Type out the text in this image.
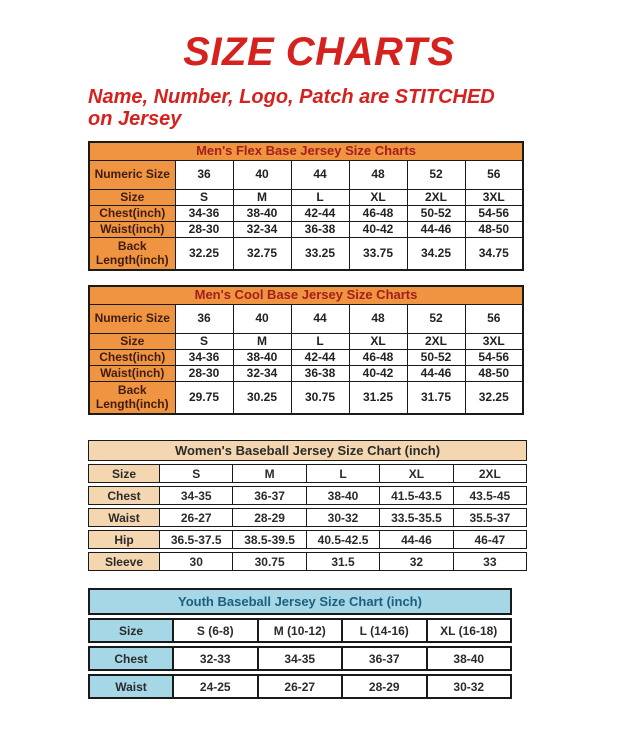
SIZE CHARTS
Name, Number, Logo, Patch are STITCHED
on Jersey
Men's Flex Base Jersey Size Charts						
Numeric Size	36	40	44	48	52	56
Size	S	M	L	XL	2XL	3XL
Chest(inch)	34-36	38-40	42-44	46-48	50-52	54-56
Waist(inch)	28-30	32-34	36-38	40-42	44-46	48-50
Back Length(inch)	32.25	32.75	33.25	33.75	34.25	34.75
Men's Cool Base Jersey Size Charts						
Numeric Size	36	40	44	48	52	56
Size	S	M	L	XL	2XL	3XL
Chest(inch)	34-36	38-40	42-44	46-48	50-52	54-56
Waist(inch)	28-30	32-34	36-38	40-42	44-46	48-50
Back Length(inch)	29.75	30.25	30.75	31.25	31.75	32.25
Women's Baseball Jersey Size Chart (inch)
Size	S	M	L	XL	2XL
Chest	34-35	36-37	38-40	41.5-43.5	43.5-45
Waist	26-27	28-29	30-32	33.5-35.5	35.5-37
Hip	36.5-37.5	38.5-39.5	40.5-42.5	44-46	46-47
Sleeve	30	30.75	31.5	32	33
Youth Baseball Jersey Size Chart (inch)
Size	S (6-8)	M (10-12)	L (14-16)	XL (16-18)
Chest	32-33	34-35	36-37	38-40
Waist	24-25	26-27	28-29	30-32
